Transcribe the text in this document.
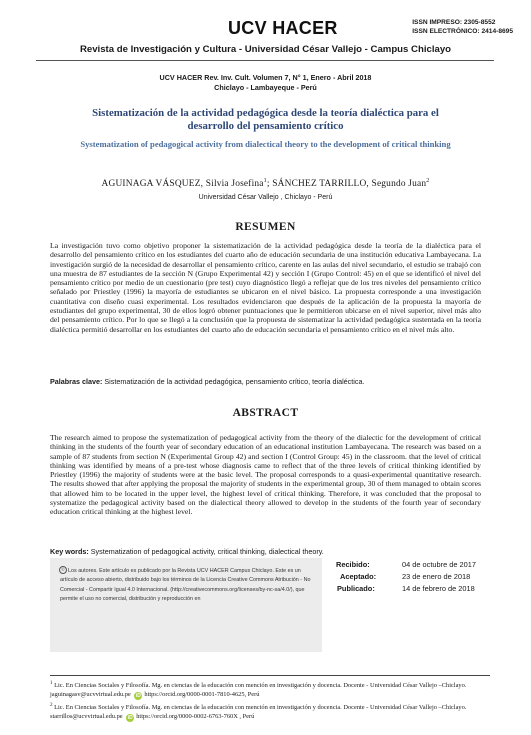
UCV HACER	ISSN IMPRESO: 2305-8552
ISSN ELECTRÓNICO: 2414-8695
Revista de Investigación y Cultura - Universidad César Vallejo - Campus Chiclayo
UCV HACER Rev. Inv. Cult. Volumen 7, N° 1, Enero - Abril 2018
Chiclayo - Lambayeque - Perú
Sistematización de la actividad pedagógica desde la teoría dialéctica para el desarrollo del pensamiento crítico
Systematization of pedagogical activity from dialectical theory to the development of critical thinking
AGUINAGA VÁSQUEZ, Silvia Josefina$^1$; SÁNCHEZ TARRILLO, Segundo Juan$^2$
Universidad César Vallejo , Chiclayo - Perú
RESUMEN
La investigación tuvo como objetivo proponer la sistematización de la actividad pedagógica desde la teoría de la dialéctica para el desarrollo del pensamiento crítico en los estudiantes del cuarto año de educación secundaria de una institución educativa Lambayecana. La investigación surgió de la necesidad de desarrollar el pensamiento crítico, carente en las aulas del nivel secundario, el estudio se trabajó con una muestra de 87 estudiantes de la sección N (Grupo Experimental 42) y sección I (Grupo Control: 45) en el que se identificó el nivel del pensamiento crítico por medio de un cuestionario (pre test) cuyo diagnóstico llegó a reflejar que de los tres niveles del pensamiento crítico señalado por Priestley (1996) la mayoría de estudiantes se ubicaron en el nivel básico. La propuesta corresponde a una investigación cuantitativa con diseño cuasi experimental. Los resultados evidenciaron que después de la aplicación de la propuesta la mayoría de estudiantes del grupo experimental, 30 de ellos logró obtener puntuaciones que le permitieron ubicarse en el nivel superior, nivel más alto del pensamiento crítico. Por lo que se llegó a la conclusión que la propuesta de sistematizar la actividad pedagógica sustentada en la teoría dialéctica permitió desarrollar en los estudiantes del cuarto año de educación secundaria el pensamiento crítico en el nivel más alto.
Palabras clave: Sistematización de la actividad pedagógica, pensamiento crítico, teoría dialéctica.
ABSTRACT
The research aimed to propose the systematization of pedagogical activity from the theory of the dialectic for the development of critical thinking in the students of the fourth year of secondary education of an educational institution Lambayecana. The research was based on a sample of 87 students from section N (Experimental Group 42) and section I (Control Group: 45) in the classroom. that the level of critical thinking was identified by means of a pre-test whose diagnosis came to reflect that of the three levels of critical thinking identified by Priestley (1996) the majority of students were at the basic level. The proposal corresponds to a quasi-experimental quantitative research. The results showed that after applying the proposal the majority of students in the experimental group, 30 of them managed to obtain scores that allowed him to be located in the upper level, the highest level of critical thinking. Therefore, it was concluded that the proposal to systematize the pedagogical activity based on the dialectical theory allowed to develop in the students of the fourth year of secondary education critical thinking at the highest level.
Key words: Systematization of pedagogical activity, critical thinking, dialectical theory.
© Los autores. Este artículo es publicado por la Revista UCV HACER Campus Chiclayo. Este es un artículo de acceso abierto, distribuido bajo los términos de la Licencia Creative Commons Atribución - No Comercial - Compartir Igual 4.0 Internacional. (http://creativecommons.org/licenses/by-nc-sa/4.0/), que permite el uso no comercial, distribución y reproducción en
Recibido:	04 de octubre de 2017
Aceptado:	23 de enero de 2018
Publicado:	14 de febrero de 2018
$^1$ Lic. En Ciencias Sociales y Filosofía. Mg. en ciencias de la educación con mención en investigación y docencia. Docente - Universidad César Vallejo –Chiclayo. jaguinagasv@ucvvirtual.edu.pe iD https://orcid.org/0000-0001-7810-4625, Perú
$^2$ Lic. En Ciencias Sociales y Filosofía. Mg. en ciencias de la educación con mención en investigación y docencia. Docente - Universidad César Vallejo –Chiclayo. starrillos@ucvvirtual.edu.pe iD https://orcid.org/0000-0002-6763-760X , Perú
